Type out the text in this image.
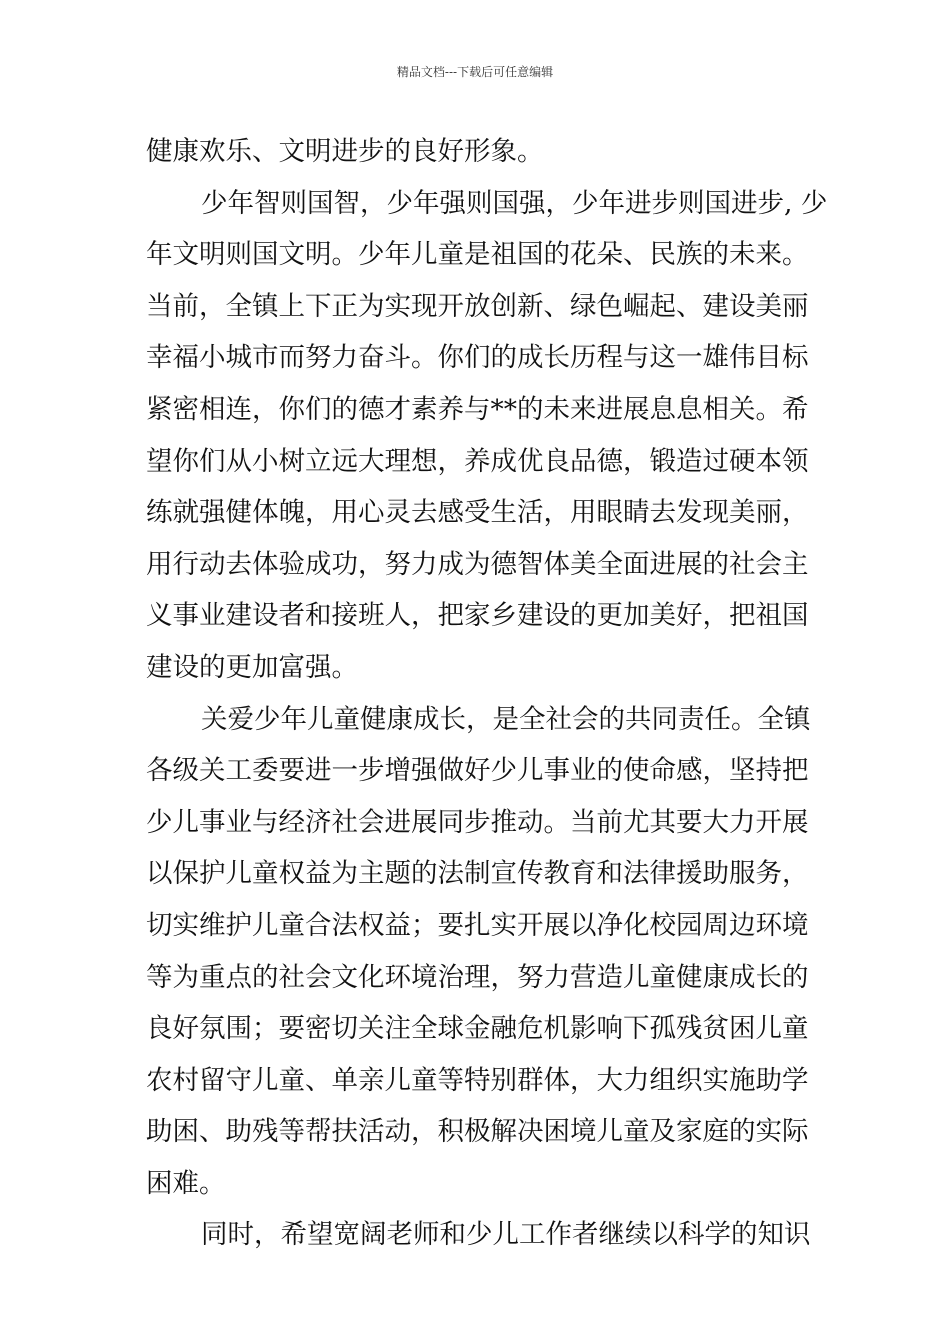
精品文档---下载后可任意编辑
健康欢乐、文明进步的良好形象。
少年智则国智，少年强则国强，少年进步则国进步, 少
年文明则国文明。少年儿童是祖国的花朵、民族的未来。
当前，全镇上下正为实现开放创新、绿色崛起、建设美丽
幸福小城市而努力奋斗。你们的成长历程与这一雄伟目标
紧密相连，你们的德才素养与**的未来进展息息相关。希
望你们从小树立远大理想，养成优良品德，锻造过硬本领
练就强健体魄，用心灵去感受生活，用眼睛去发现美丽，
用行动去体验成功，努力成为德智体美全面进展的社会主
义事业建设者和接班人，把家乡建设的更加美好，把祖国
建设的更加富强。
关爱少年儿童健康成长，是全社会的共同责任。全镇
各级关工委要进一步增强做好少儿事业的使命感，坚持把
少儿事业与经济社会进展同步推动。当前尤其要大力开展
以保护儿童权益为主题的法制宣传教育和法律援助服务，
切实维护儿童合法权益；要扎实开展以净化校园周边环境
等为重点的社会文化环境治理，努力营造儿童健康成长的
良好氛围；要密切关注全球金融危机影响下孤残贫困儿童
农村留守儿童、单亲儿童等特别群体，大力组织实施助学
助困、助残等帮扶活动，积极解决困境儿童及家庭的实际
困难。
同时，希望宽阔老师和少儿工作者继续以科学的知识
